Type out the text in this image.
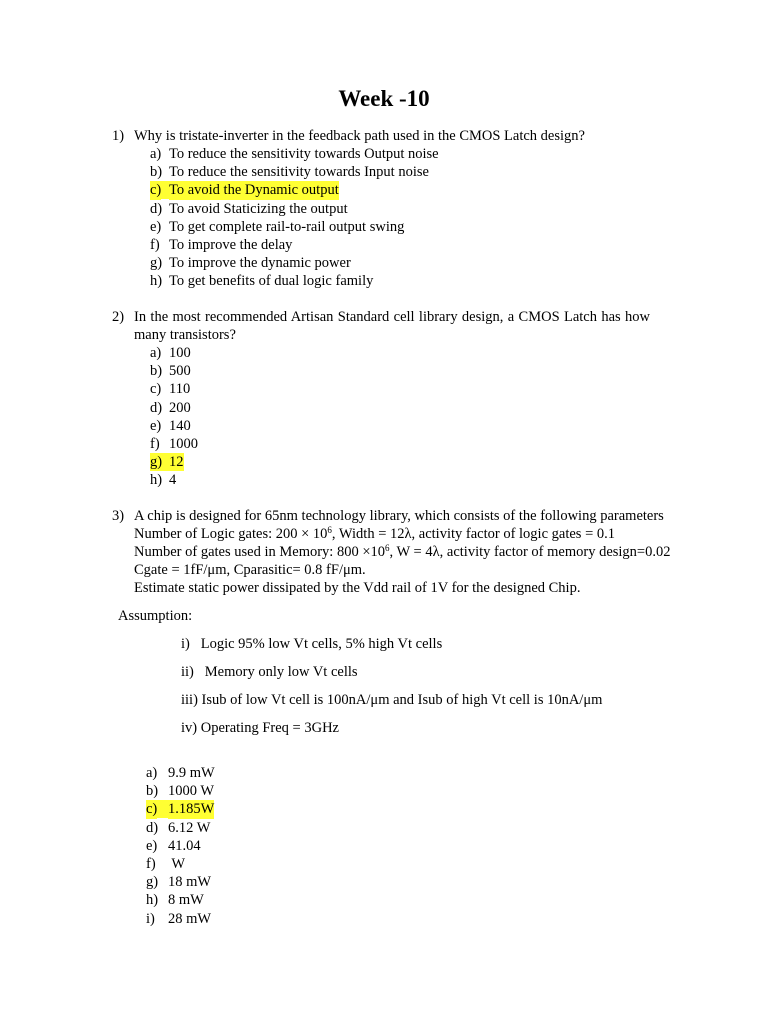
Week -10
1) Why is tristate-inverter in the feedback path used in the CMOS Latch design?
a) To reduce the sensitivity towards Output noise
b) To reduce the sensitivity towards Input noise
c) To avoid the Dynamic output
d) To avoid Staticizing the output
e) To get complete rail-to-rail output swing
f) To improve the delay
g) To improve the dynamic power
h) To get benefits of dual logic family
2) In the most recommended Artisan Standard cell library design, a CMOS Latch has how many transistors?
a) 100
b) 500
c) 110
d) 200
e) 140
f) 1000
g) 12
h) 4
3) A chip is designed for 65nm technology library, which consists of the following parameters
Number of Logic gates: $200 \times 10^6$, Width = 12λ, activity factor of logic gates = 0.1
Number of gates used in Memory: $800 \times 10^6$, W = 4λ, activity factor of memory design=0.02
Cgate = 1fF/μm, Cparasitic= 0.8 fF/μm.
Estimate static power dissipated by the Vdd rail of 1V for the designed Chip.
Assumption:
i)   Logic 95% low Vt cells, 5% high Vt cells
ii)   Memory only low Vt cells
iii) Isub of low Vt cell is 100nA/μm and Isub of high Vt cell is 10nA/μm
iv) Operating Freq = 3GHz
a) 9.9 mW
b) 1000 W
c) 1.185W
d) 6.12 W
e) 41.04
f) W
g) 18 mW
h) 8 mW
i) 28 mW
